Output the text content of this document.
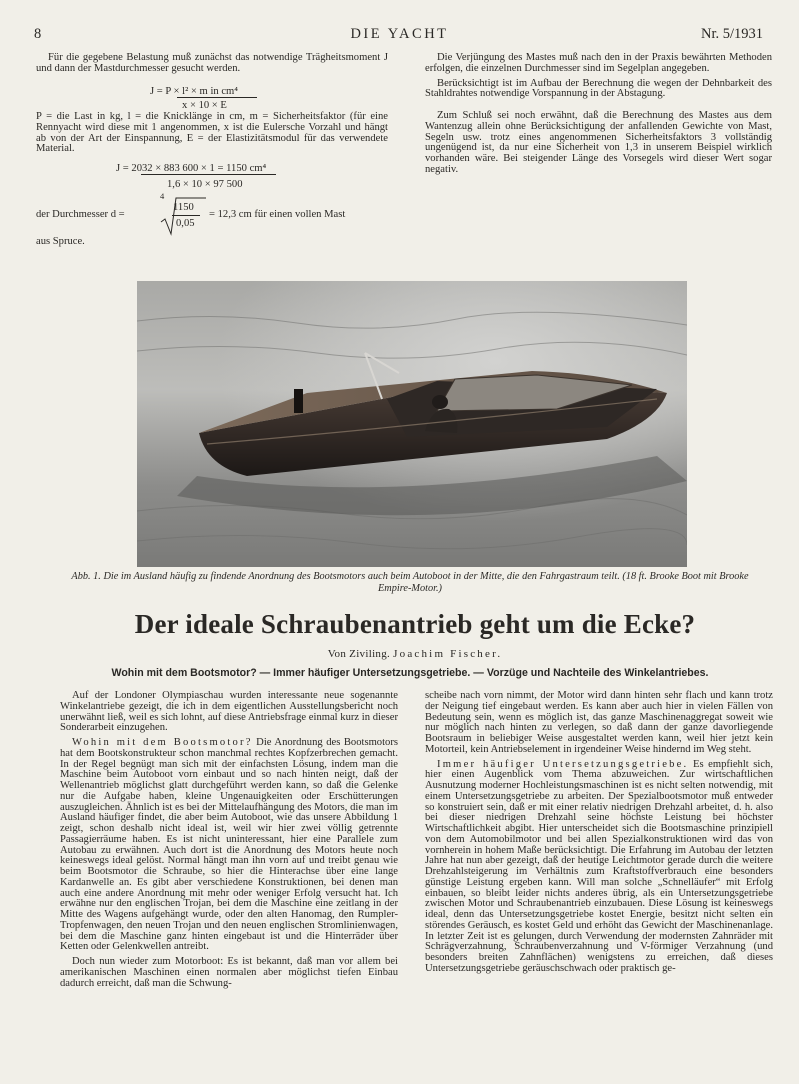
8	DIE YACHT	Nr. 5/1931

Für die gegebene Belastung muß zunächst das notwendige Trägheitsmoment J und dann der Mastdurchmesser gesucht werden.

J = P × l² × m in cm⁴
x × 10 × E

P = die Last in kg, l = die Knicklänge in cm, m = Sicherheitsfaktor (für eine Rennyacht wird diese mit 1 angenommen, x ist die Eulersche Vorzahl und hängt ab von der Art der Einspannung, E = der Elastizitätsmodul für das verwendete Material.

J = 2032 × 883 600 × 1 = 1150 cm⁴
1,6 × 10 × 97 500
4
der Durchmesser d =
1150
0,05
= 12,3 cm für einen vollen Mast
aus Spruce.

Die Verjüngung des Mastes muß nach den in der Praxis bewährten Methoden erfolgen, die einzelnen Durchmesser sind im Segelplan angegeben.

Berücksichtigt ist im Aufbau der Berechnung die wegen der Dehnbarkeit des Stahldrahtes notwendige Vorspannung in der Abstagung.

Zum Schluß sei noch erwähnt, daß die Berechnung des Mastes aus dem Wantenzug allein ohne Berücksichtigung der anfallenden Gewichte von Mast, Segeln usw. trotz eines angenommenen Sicherheitsfaktors 3 vollständig ungenügend ist, da nur eine Sicherheit von 1,3 in unserem Beispiel wirklich vorhanden wäre. Bei steigender Länge des Vorsegels wird dieser Wert sogar negativ.

Abb. 1. Die im Ausland häufig zu findende Anordnung des Bootsmotors auch beim Autoboot in der Mitte, die den Fahrgastraum teilt. (18 ft. Brooke Boot mit Brooke Empire-Motor.)
Der ideale Schraubenantrieb geht um die Ecke?
Von Ziviling. Joachim Fischer.
Wohin mit dem Bootsmotor? — Immer häufiger Untersetzungsgetriebe. — Vorzüge und Nachteile des Winkelantriebes.

Auf der Londoner Olympiaschau wurden interessante neue sogenannte Winkelantriebe gezeigt, die ich in dem eigentlichen Ausstellungsbericht noch unerwähnt ließ, weil es sich lohnt, auf diese Antriebsfrage einmal kurz in dieser Sonderarbeit einzugehen.

Wohin mit dem Bootsmotor? Die Anordnung des Bootsmotors hat dem Bootskonstrukteur schon manchmal rechtes Kopfzerbrechen gemacht. In der Regel begnügt man sich mit der einfachsten Lösung, indem man die Maschine beim Autoboot vorn einbaut und so nach hinten neigt, daß der Wellenantrieb möglichst glatt durchgeführt werden kann, so daß die Gelenke nur die Aufgabe haben, kleine Ungenauigkeiten oder Erschütterungen auszugleichen. Ähnlich ist es bei der Mittelaufhängung des Motors, die man im Ausland häufiger findet, die aber beim Autoboot, wie das unsere Abbildung 1 zeigt, schon deshalb nicht ideal ist, weil wir hier zwei völlig getrennte Passagierräume haben. Es ist nicht uninteressant, hier eine Parallele zum Autobau zu erwähnen. Auch dort ist die Anordnung des Motors heute noch keineswegs ideal gelöst. Normal hängt man ihn vorn auf und treibt genau wie beim Bootsmotor die Schraube, so hier die Hinterachse über eine lange Kardanwelle an. Es gibt aber verschiedene Konstruktionen, bei denen man auch eine andere Anordnung mit mehr oder weniger Erfolg versucht hat. Ich erwähne nur den englischen Trojan, bei dem die Maschine eine zeitlang in der Mitte des Wagens aufgehängt wurde, oder den alten Hanomag, den Rumpler-Tropfenwagen, den neuen Trojan und den neuen englischen Stromlinienwagen, bei dem die Maschine ganz hinten eingebaut ist und die Hinterräder über Ketten oder Gelenkwellen antreibt.

Doch nun wieder zum Motorboot: Es ist bekannt, daß man vor allem bei amerikanischen Maschinen einen normalen aber möglichst tiefen Einbau dadurch erreicht, daß man die Schwung-

scheibe nach vorn nimmt, der Motor wird dann hinten sehr flach und kann trotz der Neigung tief eingebaut werden. Es kann aber auch hier in vielen Fällen von Bedeutung sein, wenn es möglich ist, das ganze Maschinenaggregat soweit wie nur möglich nach hinten zu verlegen, so daß dann der ganze davorliegende Bootsraum in beliebiger Weise ausgestaltet werden kann, weil hier jetzt kein Motorteil, kein Antriebselement in irgendeiner Weise hindernd im Weg steht.

Immer häufiger Untersetzungsgetriebe. Es empfiehlt sich, hier einen Augenblick vom Thema abzuweichen. Zur wirtschaftlichen Ausnutzung moderner Hochleistungsmaschinen ist es nicht selten notwendig, mit einem Untersetzungsgetriebe zu arbeiten. Der Spezialbootsmotor muß entweder so konstruiert sein, daß er mit einer relativ niedrigen Drehzahl arbeitet, d. h. also bei dieser niedrigen Drehzahl seine höchste Leistung bei höchster Wirtschaftlichkeit abgibt. Hier unterscheidet sich die Bootsmaschine prinzipiell von dem Automobilmotor und bei allen Spezialkonstruktionen wird das von vornherein in hohem Maße berücksichtigt. Die Erfahrung im Autobau der letzten Jahre hat nun aber gezeigt, daß der heutige Leichtmotor gerade durch die weitere Drehzahlsteigerung im Verhältnis zum Kraftstoffverbrauch eine besonders günstige Leistung ergeben kann. Will man solche „Schnelläufer“ mit Erfolg einbauen, so bleibt leider nichts anderes übrig, als ein Untersetzungsgetriebe zwischen Motor und Schraubenantrieb einzubauen. Diese Lösung ist keineswegs ideal, denn das Untersetzungsgetriebe kostet Energie, besitzt nicht selten ein störendes Geräusch, es kostet Geld und erhöht das Gewicht der Maschinenanlage. In letzter Zeit ist es gelungen, durch Verwendung der modernsten Zahnräder mit Schrägverzahnung, Schraubenverzahnung und V-förmiger Verzahnung (und besonders breiten Zahnflächen) wenigstens zu erreichen, daß dieses Untersetzungsgetriebe geräuschschwach oder praktisch ge-
